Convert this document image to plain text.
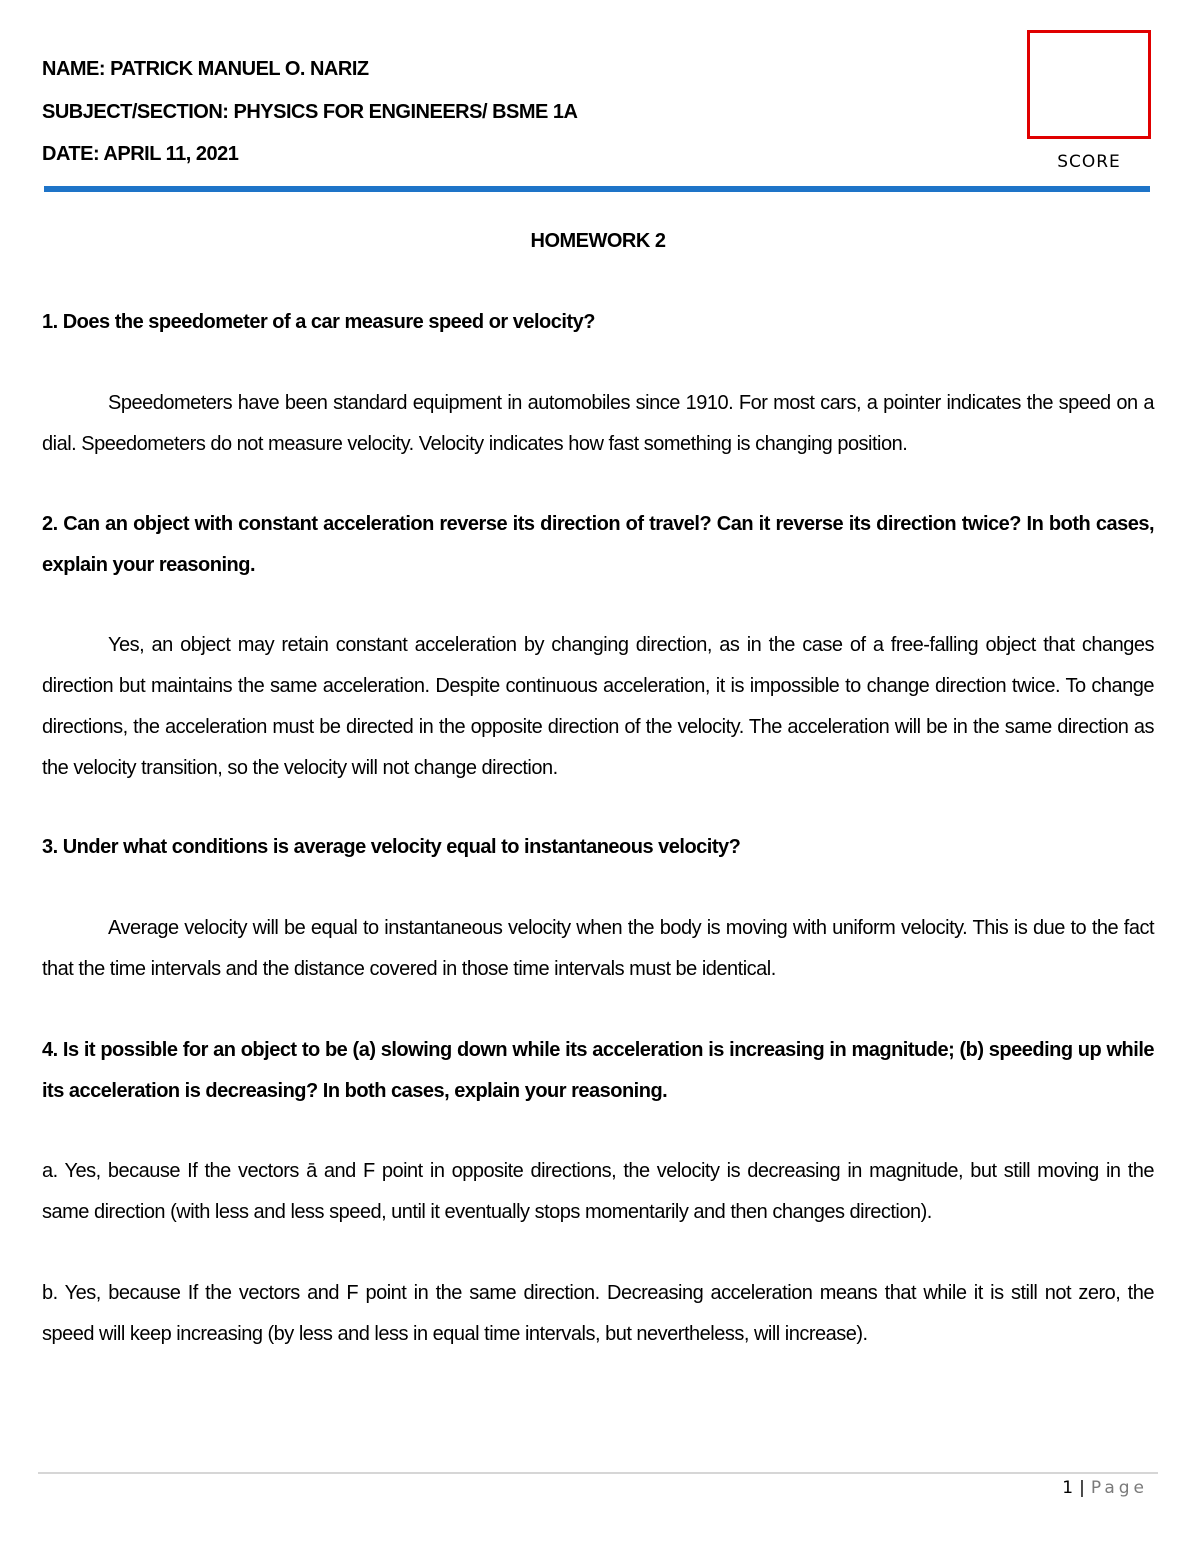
NAME: PATRICK MANUEL O. NARIZ
SUBJECT/SECTION: PHYSICS FOR ENGINEERS/ BSME 1A
DATE: APRIL 11, 2021	SCORE
HOMEWORK 2

1. Does the speedometer of a car measure speed or velocity?

Speedometers have been standard equipment in automobiles since 1910. For most cars, a pointer indicates the speed on a dial. Speedometers do not measure velocity. Velocity indicates how fast something is changing position.

2. Can an object with constant acceleration reverse its direction of travel? Can it reverse its direction twice? In both cases, explain your reasoning.

Yes, an object may retain constant acceleration by changing direction, as in the case of a free-falling object that changes direction but maintains the same acceleration. Despite continuous acceleration, it is impossible to change direction twice. To change directions, the acceleration must be directed in the opposite direction of the velocity. The acceleration will be in the same direction as the velocity transition, so the velocity will not change direction.

3. Under what conditions is average velocity equal to instantaneous velocity?

Average velocity will be equal to instantaneous velocity when the body is moving with uniform velocity. This is due to the fact that the time intervals and the distance covered in those time intervals must be identical.

4. Is it possible for an object to be (a) slowing down while its acceleration is increasing in magnitude; (b) speeding up while its acceleration is decreasing? In both cases, explain your reasoning.

a. Yes, because If the vectors ā and F point in opposite directions, the velocity is decreasing in magnitude, but still moving in the same direction (with less and less speed, until it eventually stops momentarily and then changes direction).

b. Yes, because If the vectors and F point in the same direction. Decreasing acceleration means that while it is still not zero, the speed will keep increasing (by less and less in equal time intervals, but nevertheless, will increase).

1 | Page
